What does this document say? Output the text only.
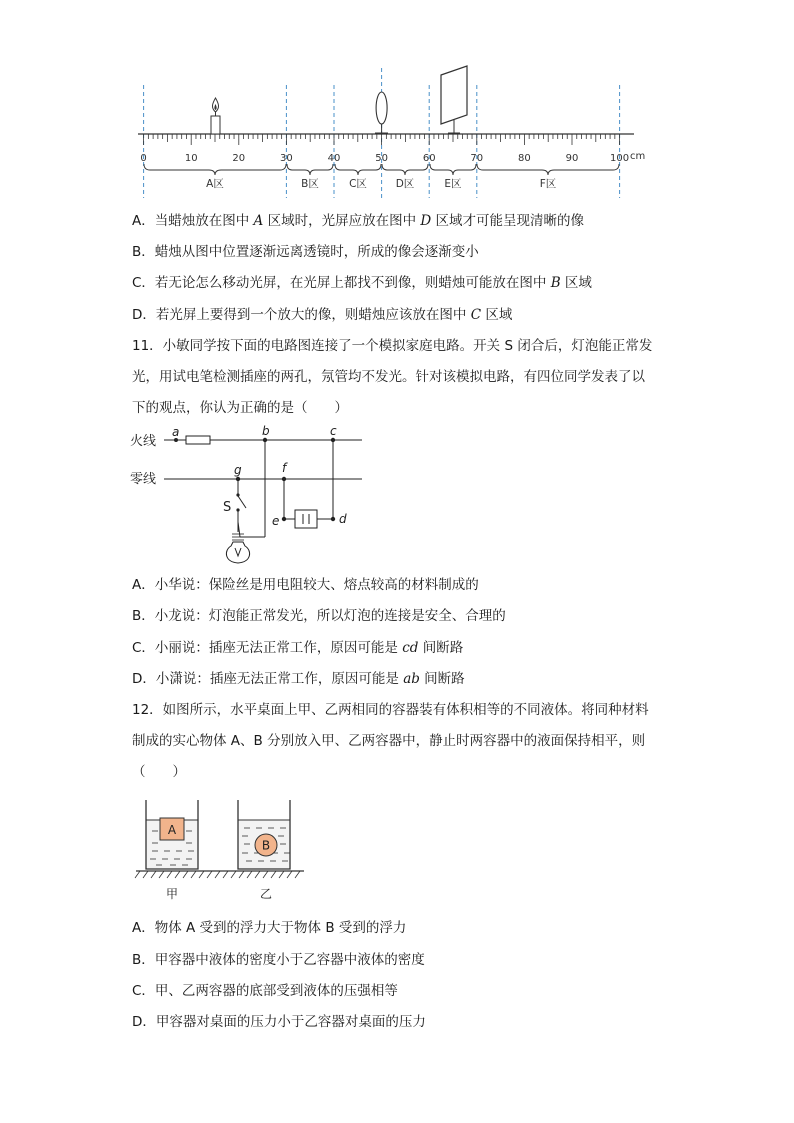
0	10	20	30	40	50	60	70	80	90	100 cm
A区	B区	C区	D区	E区	F区
A．当蜡烛放在图中 A 区域时，光屏应放在图中 D 区域才可能呈现清晰的像
B．蜡烛从图中位置逐渐远离透镜时，所成的像会逐渐变小
C．若无论怎么移动光屏，在光屏上都找不到像，则蜡烛可能放在图中 B 区域
D．若光屏上要得到一个放大的像，则蜡烛应该放在图中 C 区域
11．小敏同学按下面的电路图连接了一个模拟家庭电路。开关 S 闭合后，灯泡能正常发
光，用试电笔检测插座的两孔，氖管均不发光。针对该模拟电路，有四位同学发表了以
下的观点，你认为正确的是（　　）
火线
零线
a	b	c
g	f
e	d
S
A．小华说：保险丝是用电阻较大、熔点较高的材料制成的
B．小龙说：灯泡能正常发光，所以灯泡的连接是安全、合理的
C．小丽说：插座无法正常工作，原因可能是 cd 间断路
D．小潇说：插座无法正常工作，原因可能是 ab 间断路
12．如图所示，水平桌面上甲、乙两相同的容器装有体积相等的不同液体。将同种材料
制成的实心物体 A、B 分别放入甲、乙两容器中，静止时两容器中的液面保持相平，则
（　　）
A
B
甲	乙
A．物体 A 受到的浮力大于物体 B 受到的浮力
B．甲容器中液体的密度小于乙容器中液体的密度
C．甲、乙两容器的底部受到液体的压强相等
D．甲容器对桌面的压力小于乙容器对桌面的压力
